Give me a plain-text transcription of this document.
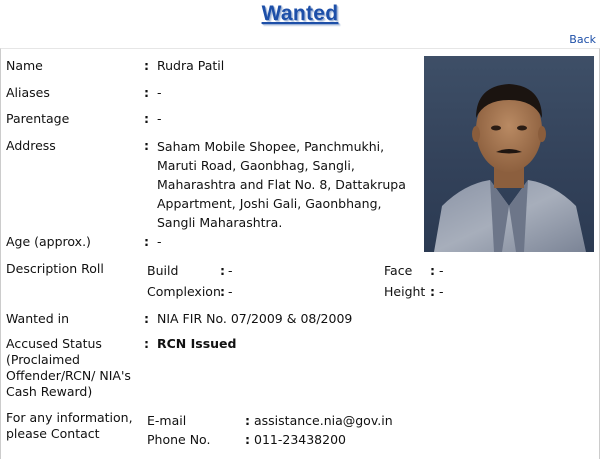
Wanted
Back
Name	: Rudra Patil
Aliases	: -
Parentage	: -
Address	: Saham Mobile Shopee, Panchmukhi,
Maruti Road, Gaonbhag, Sangli,
Maharashtra and Flat No. 8, Dattakrupa
Appartment, Joshi Gali, Gaonbhang,
Sangli Maharashtra.
Age (approx.)	: -
Description Roll	Build	: -	Face : -
Complexion : -	Height : -
Wanted in	: NIA FIR No. 07/2009 & 08/2009
Accused Status
(Proclaimed
Offender/RCN/ NIA's
Cash Reward)
: RCN Issued
For any information,
please Contact
E-mail	: assistance.nia@gov.in
Phone No.	: 011-23438200
